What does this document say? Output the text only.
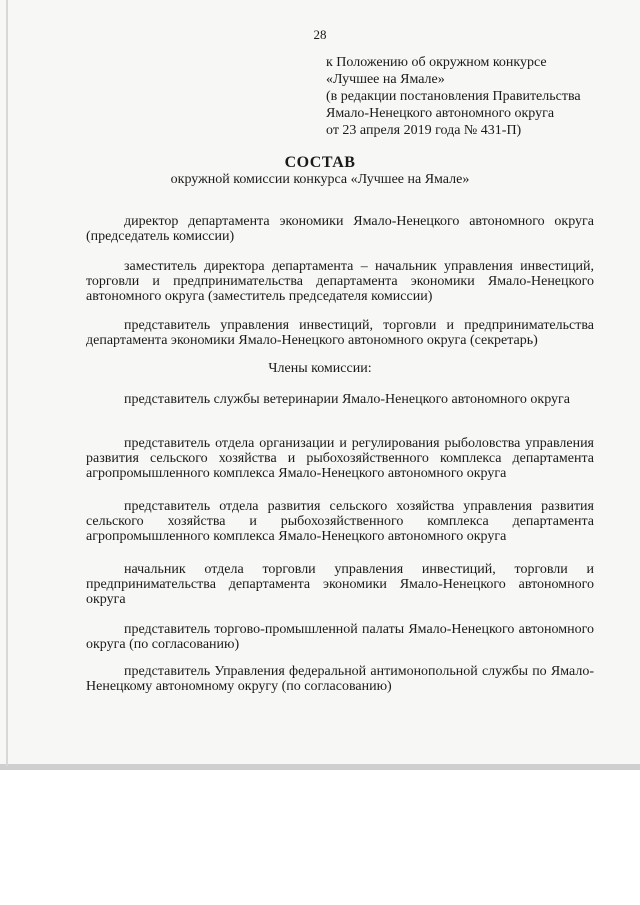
28
к Положению об окружном конкурсе
«Лучшее на Ямале»
(в редакции постановления Правительства
Ямало-Ненецкого автономного округа
от 23 апреля 2019 года № 431-П)
СОСТАВ
окружной комиссии конкурса «Лучшее на Ямале»
директор департамента экономики Ямало-Ненецкого автономного округа (председатель комиссии)
заместитель директора департамента – начальник управления инвестиций, торговли и предпринимательства департамента экономики Ямало-Ненецкого автономного округа (заместитель председателя комиссии)
представитель управления инвестиций, торговли и предпринимательства департамента экономики Ямало-Ненецкого автономного округа (секретарь)
Члены комиссии:
представитель службы ветеринарии Ямало-Ненецкого автономного округа
представитель отдела организации и регулирования рыболовства управления развития сельского хозяйства и рыбохозяйственного комплекса департамента агропромышленного комплекса Ямало-Ненецкого автономного округа
представитель отдела развития сельского хозяйства управления развития сельского хозяйства и рыбохозяйственного комплекса департамента агропромышленного комплекса Ямало-Ненецкого автономного округа
начальник отдела торговли управления инвестиций, торговли и предпринимательства департамента экономики Ямало-Ненецкого автономного округа
представитель торгово-промышленной палаты Ямало-Ненецкого автономного округа (по согласованию)
представитель Управления федеральной антимонопольной службы по Ямало-Ненецкому автономному округу (по согласованию)
